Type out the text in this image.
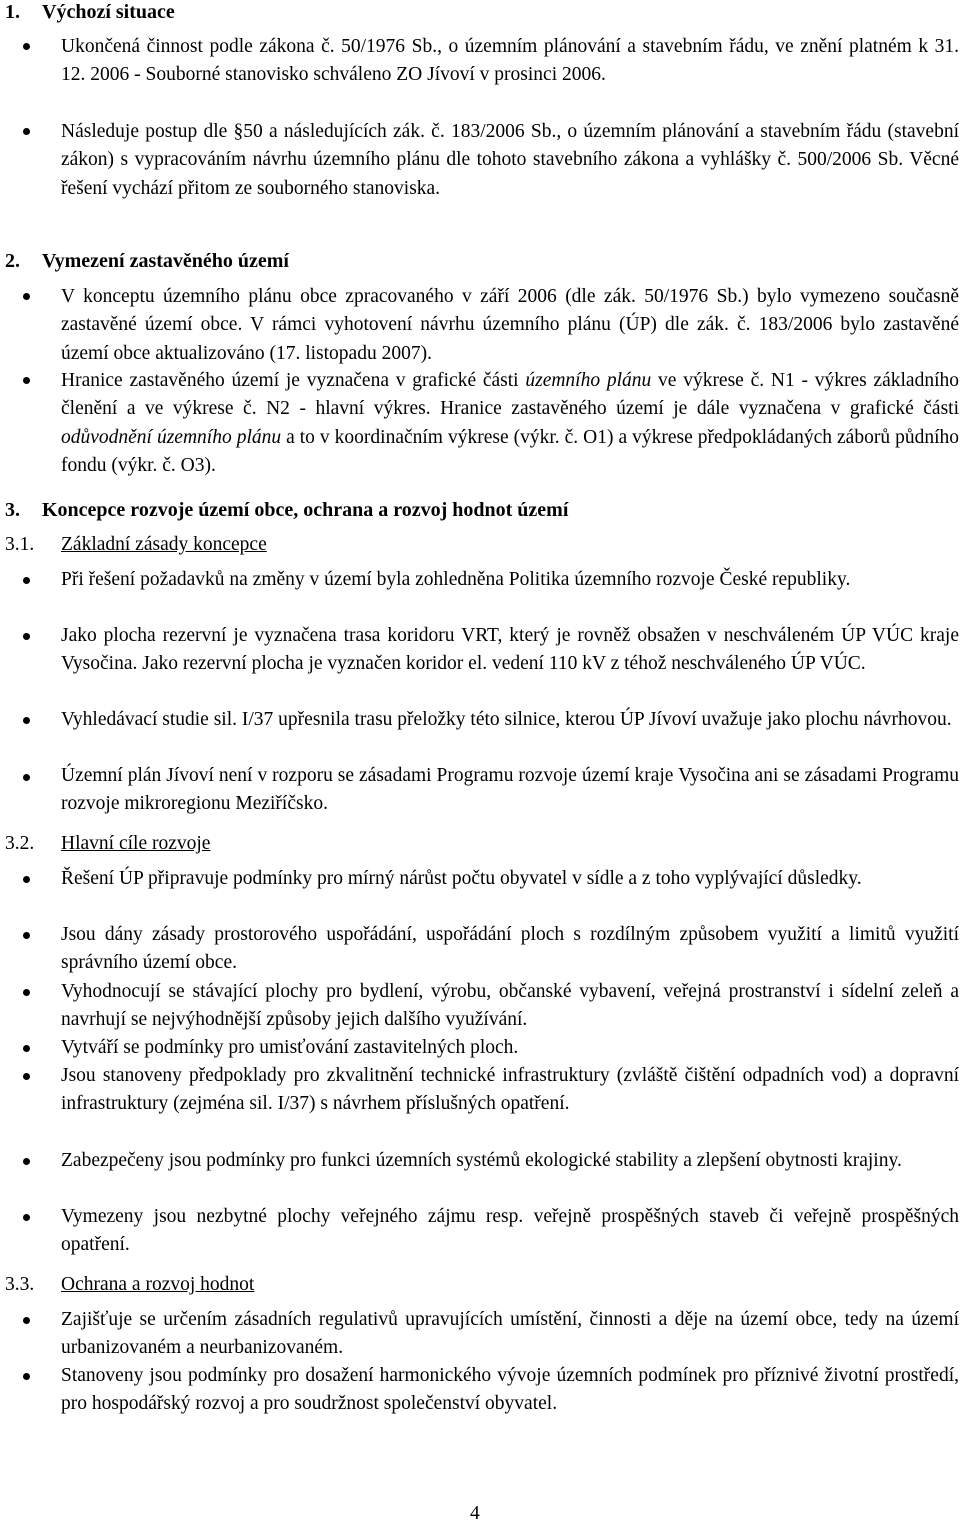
1. Výchozí situace
Ukončená činnost podle zákona č. 50/1976 Sb., o územním plánování a stavebním řádu, ve znění platném k 31. 12. 2006 - Souborné stanovisko schváleno ZO Jívoví v prosinci 2006.
Následuje postup dle §50 a následujících zák. č. 183/2006 Sb., o územním plánování a stavebním řádu (stavební zákon) s vypracováním návrhu územního plánu dle tohoto stavebního zákona a vyhlášky č. 500/2006 Sb. Věcné řešení vychází přitom ze souborného stanoviska.
2. Vymezení zastavěného území
V konceptu územního plánu obce zpracovaného v září 2006 (dle zák. 50/1976 Sb.) bylo vymezeno současně zastavěné území obce. V rámci vyhotovení návrhu územního plánu (ÚP) dle zák. č. 183/2006 bylo zastavěné území obce aktualizováno (17. listopadu 2007).
Hranice zastavěného území je vyznačena v grafické části územního plánu ve výkrese č. N1 - výkres základního členění a ve výkrese č. N2 - hlavní výkres. Hranice zastavěného území je dále vyznačena v grafické části odůvodnění územního plánu a to v koordinačním výkrese (výkr. č. O1) a výkrese předpokládaných záborů půdního fondu (výkr. č. O3).
3. Koncepce rozvoje území obce, ochrana a rozvoj hodnot území
3.1. Základní zásady koncepce
Při řešení požadavků na změny v území byla zohledněna Politika územního rozvoje České republiky.
Jako plocha rezervní je vyznačena trasa koridoru VRT, který je rovněž obsažen v neschváleném ÚP VÚC kraje Vysočina. Jako rezervní plocha je vyznačen koridor el. vedení 110 kV z téhož neschváleného ÚP VÚC.
Vyhledávací studie sil. I/37 upřesnila trasu přeložky této silnice, kterou ÚP Jívoví uvažuje jako plochu návrhovou.
Územní plán Jívoví není v rozporu se zásadami Programu rozvoje území kraje Vysočina ani se zásadami Programu rozvoje mikroregionu Meziříčsko.
3.2. Hlavní cíle rozvoje
Řešení ÚP připravuje podmínky pro mírný nárůst počtu obyvatel v sídle a z toho vyplývající důsledky.
Jsou dány zásady prostorového uspořádání, uspořádání ploch s rozdílným způsobem využití a limitů využití správního území obce.
Vyhodnocují se stávající plochy pro bydlení, výrobu, občanské vybavení, veřejná prostranství i sídelní zeleň a navrhují se nejvýhodnější způsoby jejich dalšího využívání.
Vytváří se podmínky pro umisťování zastavitelných ploch.
Jsou stanoveny předpoklady pro zkvalitnění technické infrastruktury (zvláště čištění odpadních vod) a dopravní infrastruktury (zejména sil. I/37) s návrhem příslušných opatření.
Zabezpečeny jsou podmínky pro funkci územních systémů ekologické stability a zlepšení obytnosti krajiny.
Vymezeny jsou nezbytné plochy veřejného zájmu resp. veřejně prospěšných staveb či veřejně prospěšných opatření.
3.3. Ochrana a rozvoj hodnot
Zajišťuje se určením zásadních regulativů upravujících umístění, činnosti a děje na území obce, tedy na území urbanizovaném a neurbanizovaném.
Stanoveny jsou podmínky pro dosažení harmonického vývoje územních podmínek pro příznivé životní prostředí, pro hospodářský rozvoj a pro soudržnost společenství obyvatel.
4
